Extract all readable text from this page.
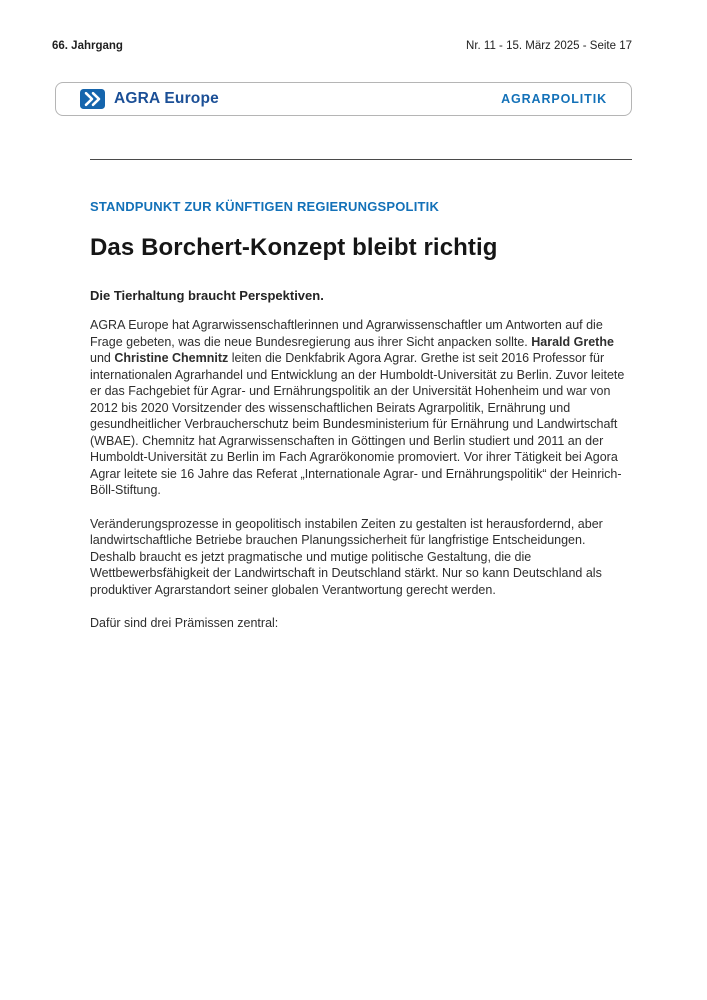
66. Jahrgang	Nr. 11 - 15. März 2025 - Seite 17
AGRA Europe	AGRARPOLITIK
STANDPUNKT ZUR KÜNFTIGEN REGIERUNGSPOLITIK
Das Borchert-Konzept bleibt richtig

Die Tierhaltung braucht Perspektiven.

AGRA Europe hat Agrarwissenschaftlerinnen und Agrarwissenschaftler um Antworten auf die Frage gebeten, was die neue Bundesregierung aus ihrer Sicht anpacken sollte. Harald Grethe und Christine Chemnitz leiten die Denkfabrik Agora Agrar. Grethe ist seit 2016 Professor für internationalen Agrarhandel und Entwicklung an der Humboldt-Universität zu Berlin. Zuvor leitete er das Fachgebiet für Agrar- und Ernährungspolitik an der Universität Hohenheim und war von 2012 bis 2020 Vorsitzender des wissenschaftlichen Beirats Agrarpolitik, Ernährung und gesundheitlicher Verbraucherschutz beim Bundesministerium für Ernährung und Landwirtschaft (WBAE). Chemnitz hat Agrarwissenschaften in Göttingen und Berlin studiert und 2011 an der Humboldt-Universität zu Berlin im Fach Agrarökonomie promoviert. Vor ihrer Tätigkeit bei Agora Agrar leitete sie 16 Jahre das Referat „Internationale Agrar- und Ernährungspolitik“ der Heinrich-Böll-Stiftung.

Veränderungsprozesse in geopolitisch instabilen Zeiten zu gestalten ist herausfordernd, aber landwirtschaftliche Betriebe brauchen Planungssicherheit für langfristige Entscheidungen. Deshalb braucht es jetzt pragmatische und mutige politische Gestaltung, die die Wettbewerbsfähigkeit der Landwirtschaft in Deutschland stärkt. Nur so kann Deutschland als produktiver Agrarstandort seiner globalen Verantwortung gerecht werden.

Dafür sind drei Prämissen zentral:
